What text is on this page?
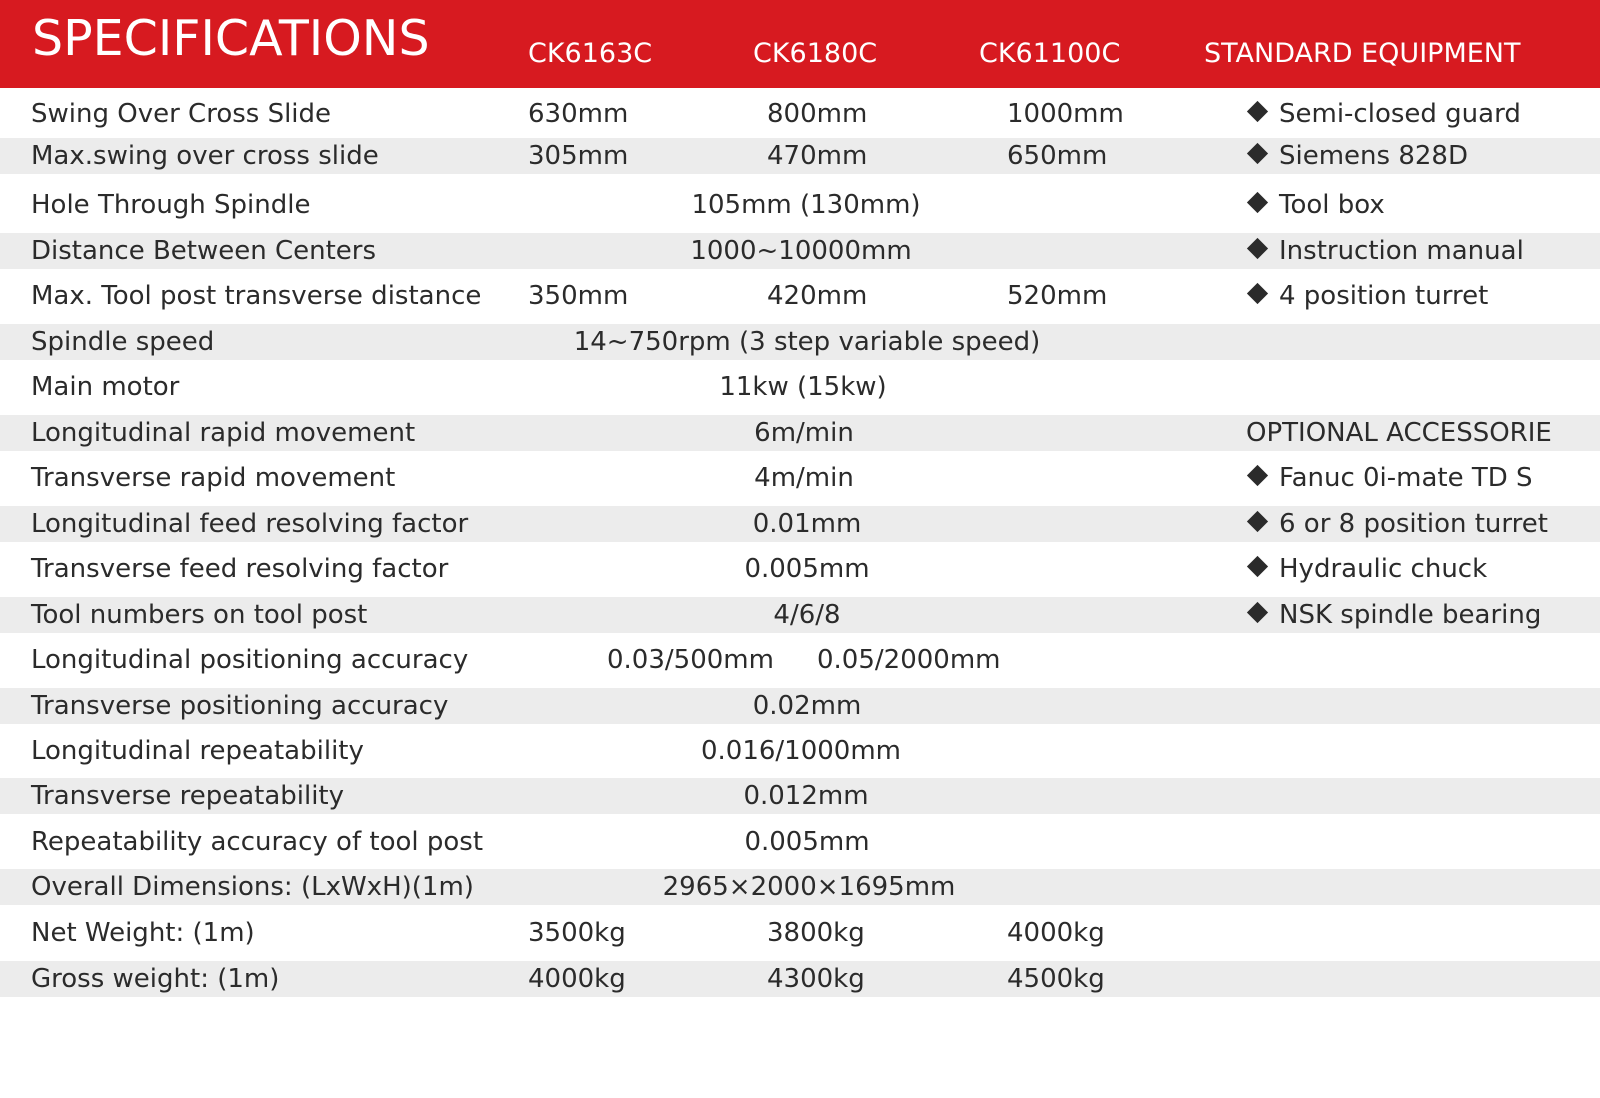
SPECIFICATIONS	CK6163C	CK6180C	CK61100C	STANDARD EQUIPMENT
Swing Over Cross Slide	630mm	800mm	1000mm	Semi-closed guard
Max.swing over cross slide	305mm	470mm	650mm	Siemens 828D
Hole Through Spindle	105mm (130mm)	Tool box
Distance Between Centers	1000~10000mm	Instruction manual
Max. Tool post transverse distance 350mm	420mm	520mm	4 position turret
Spindle speed	14~750rpm (3 step variable speed)
Main motor	11kw (15kw)
Longitudinal rapid movement	6m/min	OPTIONAL ACCESSORIE
Transverse rapid movement	4m/min	Fanuc 0i-mate TD S
Longitudinal feed resolving factor	0.01mm	6 or 8 position turret
Transverse feed resolving factor	0.005mm	Hydraulic chuck
Tool numbers on tool post	4/6/8	NSK spindle bearing
Longitudinal positioning accuracy	0.03/500mm 0.05/2000mm
Transverse positioning accuracy	0.02mm
Longitudinal repeatability	0.016/1000mm
Transverse repeatability	0.012mm
Repeatability accuracy of tool post	0.005mm
Overall Dimensions: (LxWxH)(1m)	2965×2000×1695mm
Net Weight: (1m)	3500kg	3800kg	4000kg
Gross weight: (1m)	4000kg	4300kg	4500kg
